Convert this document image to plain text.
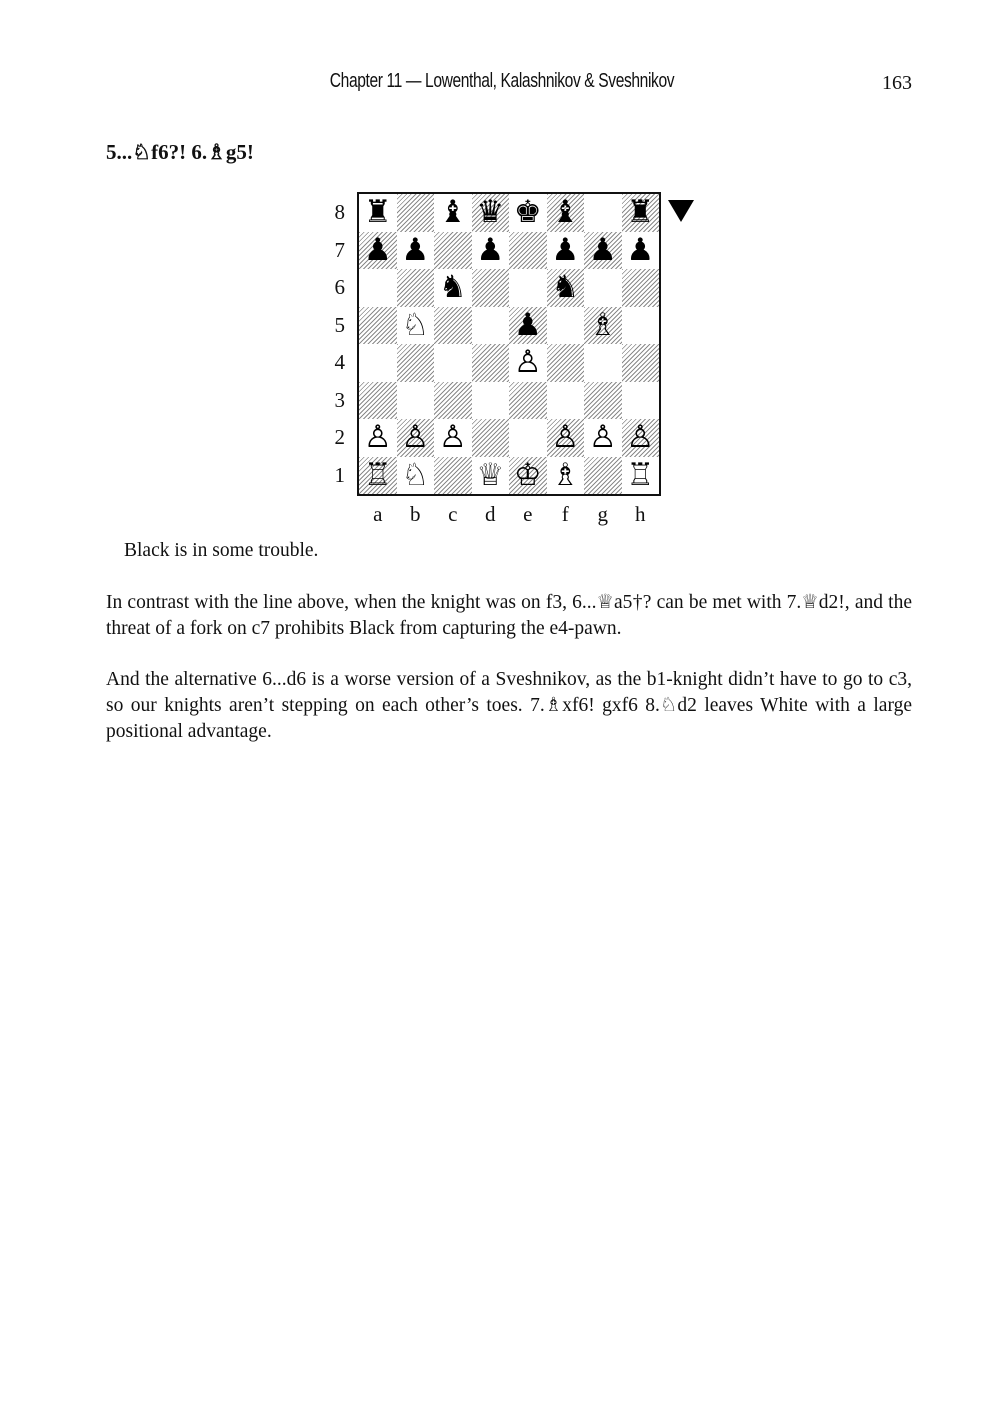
Chapter 11 — Lowenthal, Kalashnikov & Sveshnikov	163
5...♘f6?! 6.♗g5!
♜ ♝ ♛ ♚ ♝ ♜
♟ ♟ ♟ ♟ ♟ ♟
♞	♞
♘	♟ ♗
♙
♙ ♙ ♙	♙ ♙ ♙
♖ ♘ ♕ ♔ ♗ ♖
8
7
6
5
4
3
2
1
a	b	c	d	e	f	g	h

Black is in some trouble.

In contrast with the line above, when the knight was on f3, 6...♕a5†? can be met with 7.♕d2!, and the threat of a fork on c7 prohibits Black from capturing the e4-pawn.

And the alternative 6...d6 is a worse version of a Sveshnikov, as the b1-knight didn’t have to go to c3, so our knights aren’t stepping on each other’s toes. 7.♗xf6! gxf6 8.♘d2 leaves White with a large positional advantage.
